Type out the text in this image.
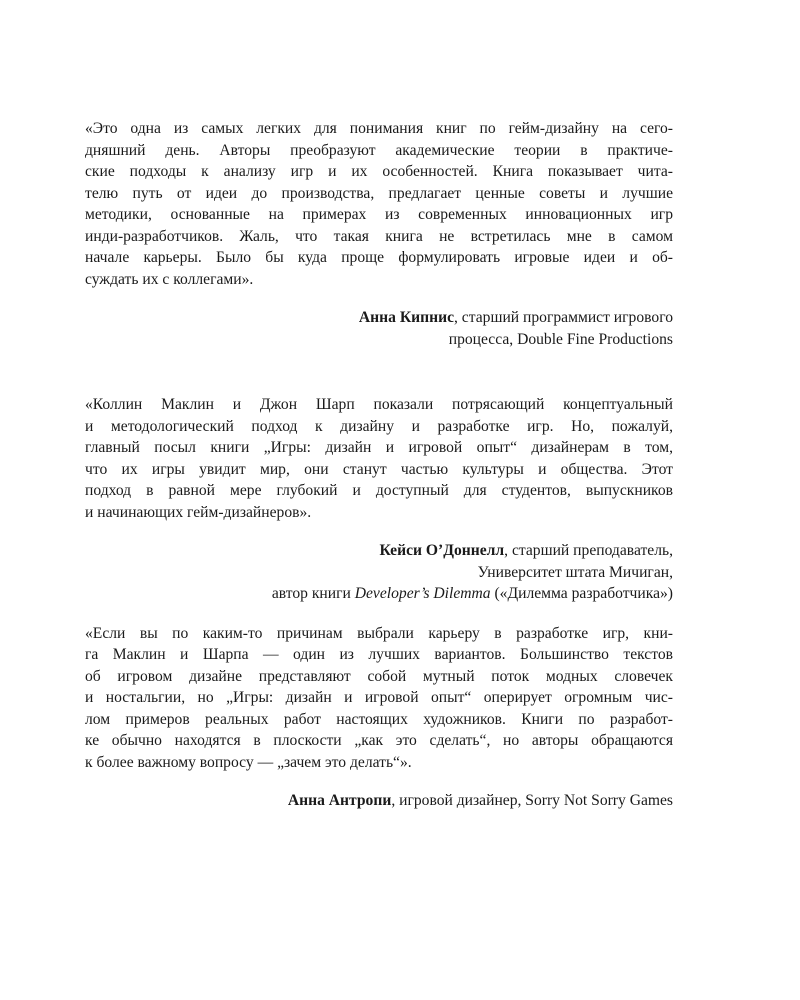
«Это одна из самых легких для понимания книг по гейм-дизайну на сего-
дняшний день. Авторы преобразуют академические теории в практиче-
ские подходы к анализу игр и их особенностей. Книга показывает чита-
телю путь от идеи до производства, предлагает ценные советы и лучшие
методики, основанные на примерах из современных инновационных игр
инди-разработчиков. Жаль, что такая книга не встретилась мне в самом
начале карьеры. Было бы куда проще формулировать игровые идеи и об-
суждать их с коллегами».

Анна Кипнис, старший программист игрового
процесса, Double Fine Productions

«Коллин Маклин и Джон Шарп показали потрясающий концептуальный
и методологический подход к дизайну и разработке игр. Но, пожалуй,
главный посыл книги „Игры: дизайн и игровой опыт“ дизайнерам в том,
что их игры увидит мир, они станут частью культуры и общества. Этот
подход в равной мере глубокий и доступный для студентов, выпускников
и начинающих гейм-дизайнеров».

Кейси О’Доннелл, старший преподаватель,
Университет штата Мичиган,
автор книги Developer’s Dilemma («Дилемма разработчика»)

«Если вы по каким-то причинам выбрали карьеру в разработке игр, кни-
га Маклин и Шарпа — один из лучших вариантов. Большинство текстов
об игровом дизайне представляют собой мутный поток модных словечек
и ностальгии, но „Игры: дизайн и игровой опыт“ оперирует огромным чис-
лом примеров реальных работ настоящих художников. Книги по разработ-
ке обычно находятся в плоскости „как это сделать“, но авторы обращаются
к более важному вопросу — „зачем это делать“».

Анна Антропи, игровой дизайнер, Sorry Not Sorry Games
